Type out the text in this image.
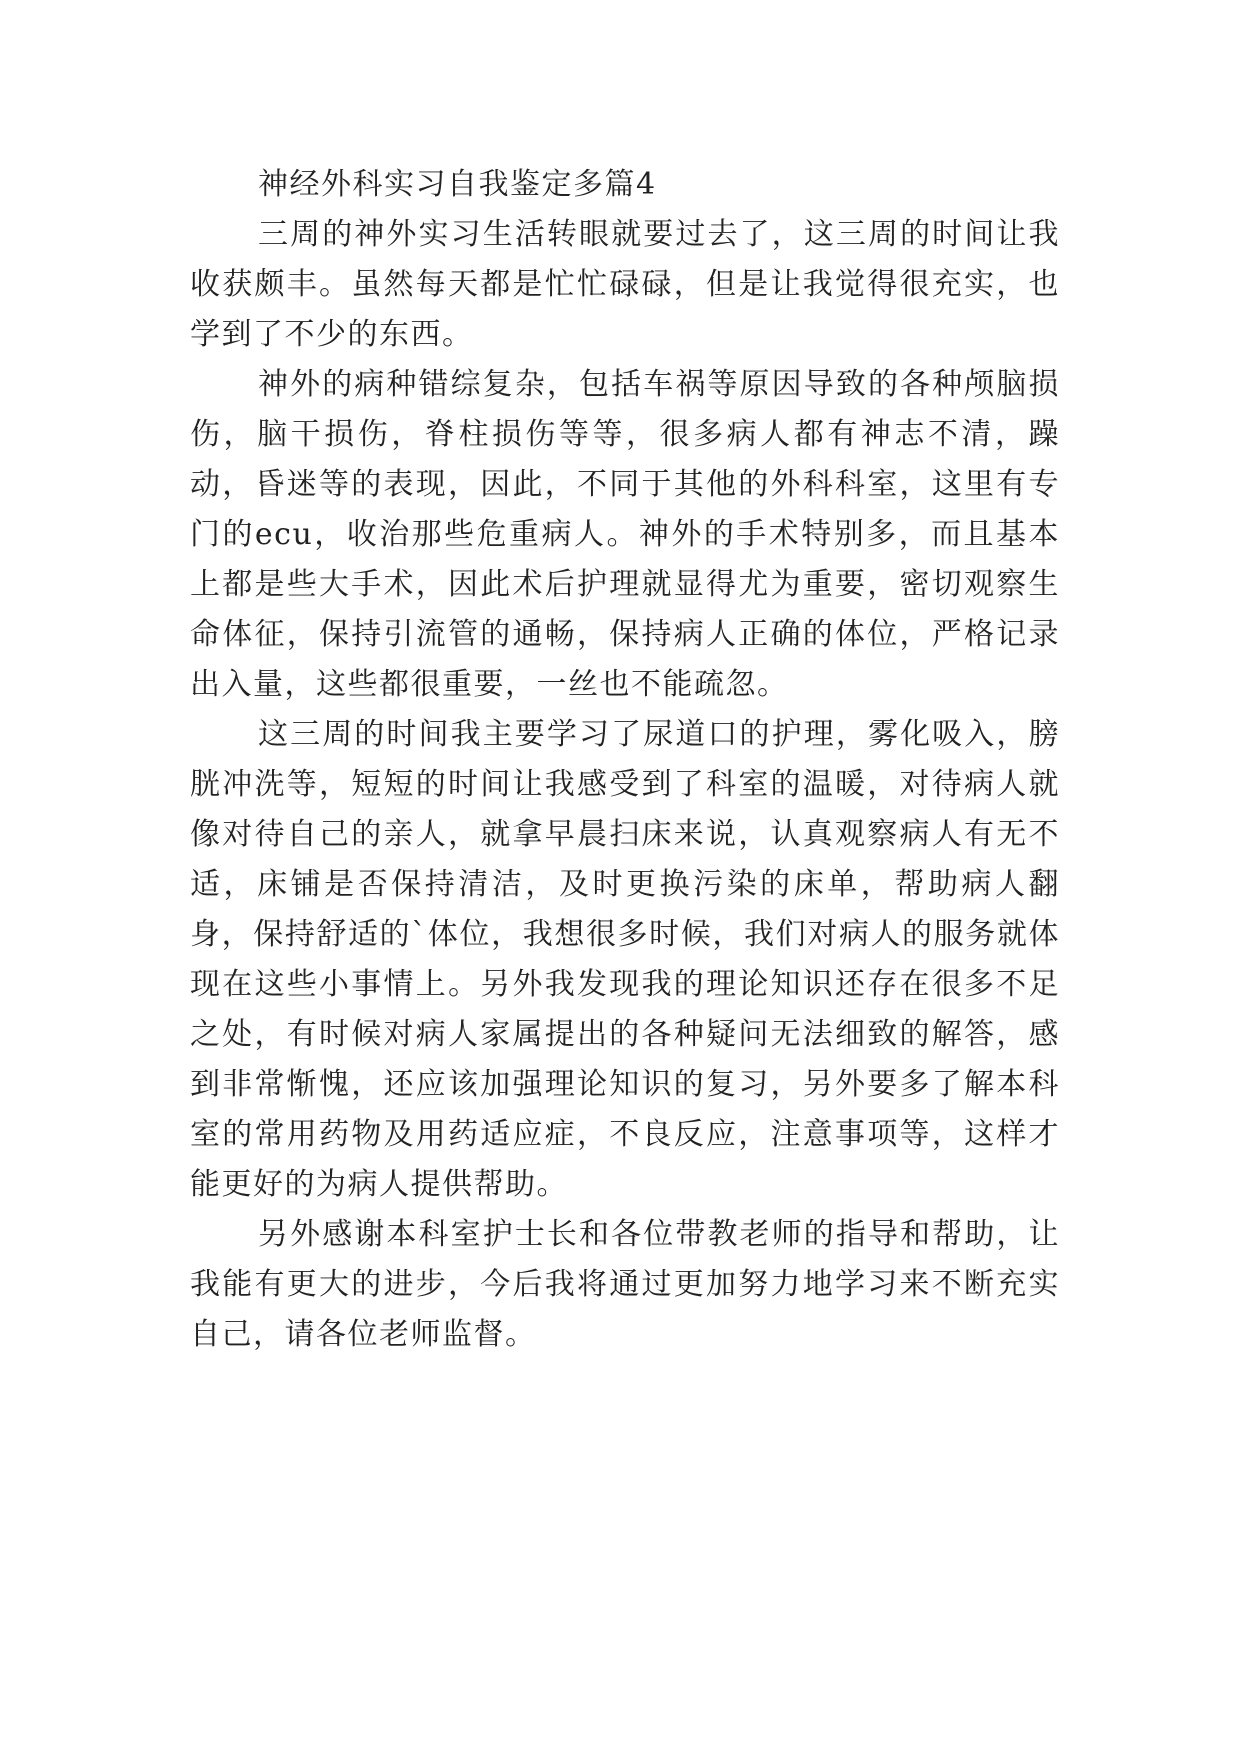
神经外科实习自我鉴定多篇4

三周的神外实习生活转眼就要过去了，这三周的时间让我收获颇丰。虽然每天都是忙忙碌碌，但是让我觉得很充实，也学到了不少的东西。

神外的病种错综复杂，包括车祸等原因导致的各种颅脑损伤，脑干损伤，脊柱损伤等等，很多病人都有神志不清，躁动，昏迷等的表现，因此，不同于其他的外科科室，这里有专门的ecu，收治那些危重病人。神外的手术特别多，而且基本上都是些大手术，因此术后护理就显得尤为重要，密切观察生命体征，保持引流管的通畅，保持病人正确的体位，严格记录出入量，这些都很重要，一丝也不能疏忽。

这三周的时间我主要学习了尿道口的护理，雾化吸入，膀胱冲洗等，短短的时间让我感受到了科室的温暖，对待病人就像对待自己的亲人，就拿早晨扫床来说，认真观察病人有无不适，床铺是否保持清洁，及时更换污染的床单，帮助病人翻身，保持舒适的`体位，我想很多时候，我们对病人的服务就体现在这些小事情上。另外我发现我的理论知识还存在很多不足之处，有时候对病人家属提出的各种疑问无法细致的解答，感到非常惭愧，还应该加强理论知识的复习，另外要多了解本科室的常用药物及用药适应症，不良反应，注意事项等，这样才能更好的为病人提供帮助。

另外感谢本科室护士长和各位带教老师的指导和帮助，让我能有更大的进步，今后我将通过更加努力地学习来不断充实自己，请各位老师监督。
